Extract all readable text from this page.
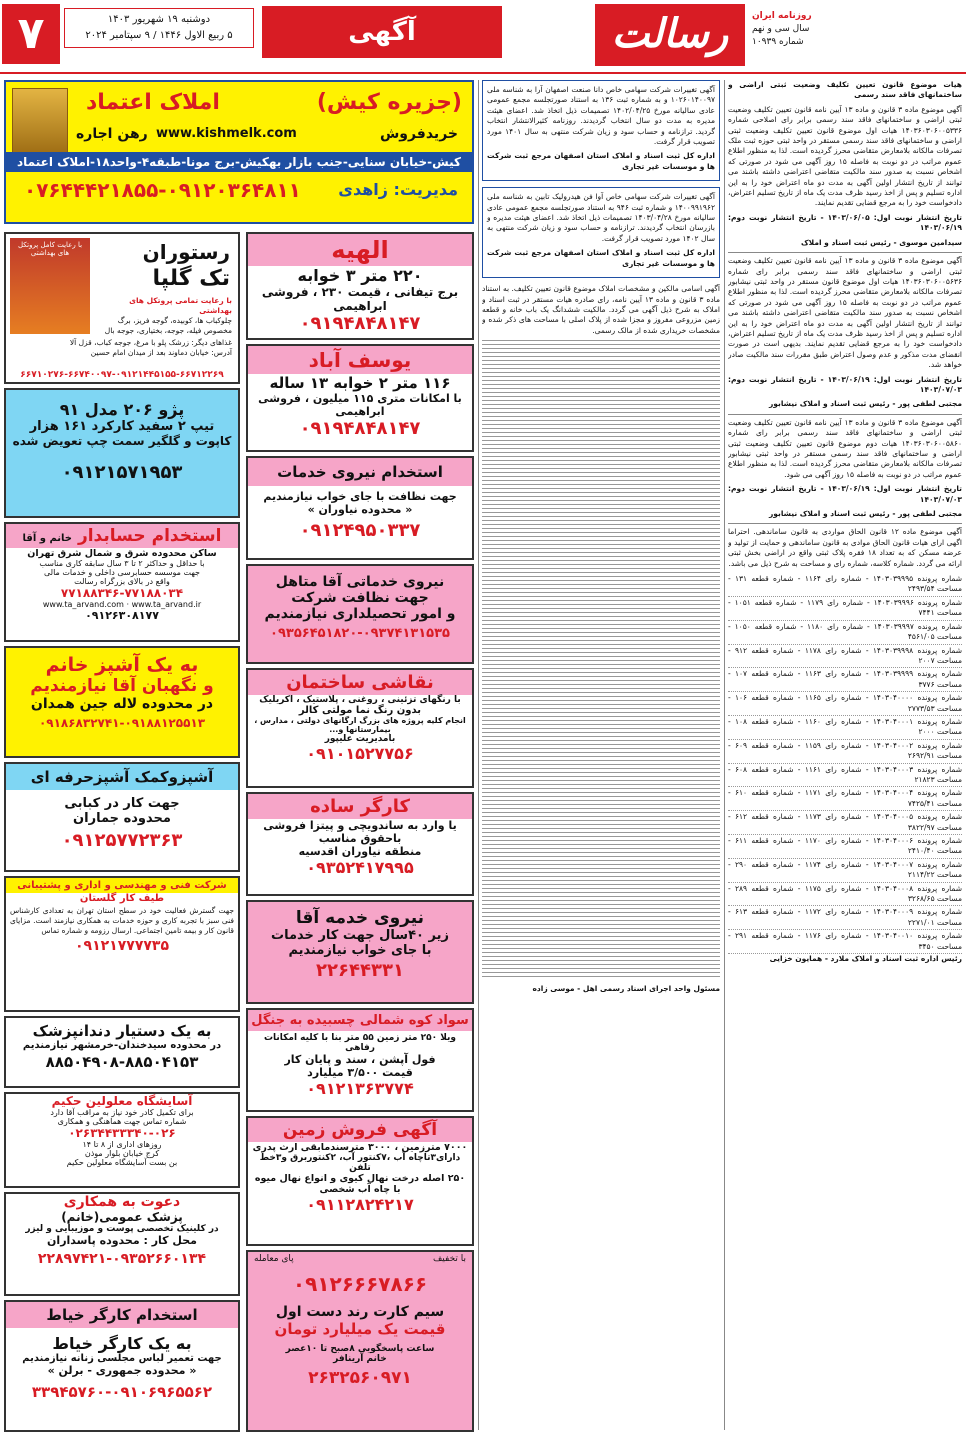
۷	دوشنبه ۱۹ شهریور ۱۴۰۳
۵ ربیع الاول ۱۴۴۶ / ۹ سپتامبر ۲۰۲۴	آگهی	رسالت	روزنامه ایران
سال سی و نهم
شماره ۱۰۹۳۹

هیات موضوع قانون تعیین تکلیف وضعیت ثبتی اراضی و ساختمانهای فاقد سند رسمی

آگهی موضوع ماده ۳ قانون و ماده ۱۳ آیین نامه قانون تعیین تکلیف وضعیت ثبتی اراضی و ساختمانهای فاقد سند رسمی برابر رای اصلاحی شماره ۱۴۰۳۶۰۳۰۶۰۰۵۳۳۶ هیات اول موضوع قانون تعیین تکلیف وضعیت ثبتی اراضی و ساختمانهای فاقد سند رسمی مستقر در واحد ثبتی حوزه ثبت ملک تصرفات مالکانه بلامعارض متقاضی محرز گردیده است. لذا به منظور اطلاع عموم مراتب در دو نوبت به فاصله ۱۵ روز آگهی می شود در صورتی که اشخاص نسبت به صدور سند مالکیت متقاضی اعتراضی داشته باشند می توانند از تاریخ انتشار اولین آگهی به مدت دو ماه اعتراض خود را به این اداره تسلیم و پس از اخذ رسید ظرف مدت یک ماه از تاریخ تسلیم اعتراض، دادخواست خود را به مرجع قضایی تقدیم نمایند.

تاریخ انتشار نوبت اول: ۱۴۰۳/۰۶/۰۵ - تاریخ انتشار نوبت دوم: ۱۴۰۳/۰۶/۱۹

سیدامین موسوی - رئیس ثبت اسناد و املاک

آگهی موضوع ماده ۳ قانون و ماده ۱۳ آیین نامه قانون تعیین تکلیف وضعیت ثبتی اراضی و ساختمانهای فاقد سند رسمی برابر رای شماره ۱۴۰۳۶۰۳۰۶۰۰۵۶۳۶ هیات اول موضوع قانون مستقر در واحد ثبتی نیشابور تصرفات مالکانه بلامعارض متقاضی محرز گردیده است. لذا به منظور اطلاع عموم مراتب در دو نوبت به فاصله ۱۵ روز آگهی می شود در صورتی که اشخاص نسبت به صدور سند مالکیت متقاضی اعتراضی داشته باشند می توانند از تاریخ انتشار اولین آگهی به مدت دو ماه اعتراض خود را به این اداره تسلیم و پس از اخذ رسید ظرف مدت یک ماه از تاریخ تسلیم اعتراض، دادخواست خود را به مرجع قضایی تقدیم نمایند. بدیهی است در صورت انقضای مدت مذکور و عدم وصول اعتراض طبق مقررات سند مالکیت صادر خواهد شد.

تاریخ انتشار نوبت اول: ۱۴۰۳/۰۶/۱۹ - تاریخ انتشار نوبت دوم: ۱۴۰۳/۰۷/۰۳

مجتبی لطفی پور - رئیس ثبت اسناد و املاک نیشابور

آگهی موضوع ماده ۳ قانون و ماده ۱۳ آیین نامه قانون تعیین تکلیف وضعیت ثبتی اراضی و ساختمانهای فاقد سند رسمی برابر رای شماره ۱۴۰۳۶۰۳۰۶۰۰۵۸۶۰ هیات دوم موضوع قانون تعیین تکلیف وضعیت ثبتی اراضی و ساختمانهای فاقد سند رسمی مستقر در واحد ثبتی نیشابور تصرفات مالکانه بلامعارض متقاضی محرز گردیده است. لذا به منظور اطلاع عموم مراتب در دو نوبت به فاصله ۱۵ روز آگهی می شود.

تاریخ انتشار نوبت اول: ۱۴۰۳/۰۶/۱۹ - تاریخ انتشار نوبت دوم: ۱۴۰۳/۰۷/۰۳

مجتبی لطفی پور - رئیس ثبت اسناد و املاک نیشابور

آگهی موضوع ماده ۱۲ قانون الحاق مواردی به قانون ساماندهی. احتراما اگهی ارای هیات قانون الحاق موادی به قانون ساماندهی و حمایت از تولید و عرضه مسکن که به تعداد ۱۸ فقره پلاک ثبتی واقع در اراضی بخش ثبتی ارائه می گردد. شماره کلاسه، شماره رای و مساحت به شرح ذیل می باشد.

شماره پرونده ۱۴۰۳۰۳۹۹۹۵ - شماره رای ۱۱۶۴ - شماره قطعه ۱۳۱ - مساحت ۲۴۹۳/۵۴
شماره پرونده ۱۴۰۳۰۳۹۹۹۶ - شماره رای ۱۱۷۹ - شماره قطعه ۱۰۵۱ - مساحت ۷۴۴۱
شماره پرونده ۱۴۰۳۰۳۹۹۹۷ - شماره رای ۱۱۸۰ - شماره قطعه ۱۰۵۰ - مساحت ۴۵۶۱/۰۵
شماره پرونده ۱۴۰۳۰۳۹۹۹۸ - شماره رای ۱۱۷۸ - شماره قطعه ۹۱۲ - مساحت ۲۰۰۷
شماره پرونده ۱۴۰۳۰۳۹۹۹۹ - شماره رای ۱۱۶۳ - شماره قطعه ۱۰۷ - مساحت ۳۷۷۶
شماره پرونده ۱۴۰۳۰۴۰۰۰۰ - شماره رای ۱۱۶۵ - شماره قطعه ۱۰۶ - مساحت ۲۷۷۳/۵۳
شماره پرونده ۱۴۰۳۰۴۰۰۰۱ - شماره رای ۱۱۶۰ - شماره قطعه ۱۰۸ - مساحت ۲۰۰۰
شماره پرونده ۱۴۰۳۰۴۰۰۰۲ - شماره رای ۱۱۵۹ - شماره قطعه ۶۰۹ - مساحت ۲۶۹۲/۹۱
شماره پرونده ۱۴۰۳۰۴۰۰۰۳ - شماره رای ۱۱۶۱ - شماره قطعه ۶۰۸ - مساحت ۲۱۸۲۳
شماره پرونده ۱۴۰۳۰۴۰۰۰۴ - شماره رای ۱۱۷۱ - شماره قطعه ۶۱۰ - مساحت ۷۴۲۵/۴۱
شماره پرونده ۱۴۰۳۰۴۰۰۰۵ - شماره رای ۱۱۷۳ - شماره قطعه ۶۱۲ - مساحت ۳۸۲۲/۹۷
شماره پرونده ۱۴۰۳۰۴۰۰۰۶ - شماره رای ۱۱۷۰ - شماره قطعه ۶۱۱ - مساحت ۲۴۱۰/۴۰
شماره پرونده ۱۴۰۳۰۴۰۰۰۷ - شماره رای ۱۱۷۴ - شماره قطعه ۲۹۰ - مساحت ۲۱۱۴/۲۲
شماره پرونده ۱۴۰۳۰۴۰۰۰۸ - شماره رای ۱۱۷۵ - شماره قطعه ۲۸۹ - مساحت ۳۲۶۸/۶۵
شماره پرونده ۱۴۰۳۰۴۰۰۰۹ - شماره رای ۱۱۷۲ - شماره قطعه ۶۱۳ - مساحت ۲۲۷۱/۰۱
شماره پرونده ۱۴۰۳۰۴۰۰۱۰ - شماره رای ۱۱۷۶ - شماره قطعه ۲۹۱ - مساحت ۳۴۵۰

رئیس اداره ثبت اسناد و املاک ملارد - همایون خزایی

آگهی تغییرات شرکت سهامی خاص دانا صنعت اصفهان آرا به شناسه ملی ۱۰۲۶۰۱۴۰۰۹۷ و به شماره ثبت ۱۳۶ به استناد صورتجلسه مجمع عمومی عادی سالیانه مورخ ۱۴۰۲/۰۴/۲۵ تصمیمات ذیل اتخاذ شد. اعضای هیئت مدیره به مدت دو سال انتخاب گردیدند. روزنامه کثیرالانتشار انتخاب گردید. ترازنامه و حساب سود و زیان شرکت منتهی به سال ۱۴۰۱ مورد تصویب قرار گرفت.

اداره کل ثبت اسناد و املاک استان اصفهان مرجع ثبت شرکت ها و موسسات غیر تجاری

آگهی تغییرات شرکت سهامی خاص آوا فن هیدرولیک تابین به شناسه ملی ۱۴۰۰۹۹۱۹۶۲ و شماره ثبت ۹۴۶ به استناد صورتجلسه مجمع عمومی عادی سالیانه مورخ ۱۴۰۳/۰۴/۲۸ تصمیمات ذیل اتخاذ شد. اعضای هیئت مدیره و بازرسان انتخاب گردیدند. ترازنامه و حساب سود و زیان شرکت منتهی به سال ۱۴۰۲ مورد تصویب قرار گرفت.

اداره کل ثبت اسناد و املاک استان اصفهان مرجع ثبت شرکت ها و موسسات غیر تجاری

آگهی اسامی مالکین و مشخصات املاک موضوع قانون تعیین تکلیف. به استناد ماده ۳ قانون و ماده ۱۳ آیین نامه، رای صادره هیات مستقر در ثبت اسناد و املاک به شرح ذیل آگهی می گردد. مالکیت ششدانگ یک باب خانه و قطعه زمین مزروعی مفروز و مجزا شده از پلاک اصلی با مساحت های ذکر شده و مشخصات خریداری شده از مالک رسمی.

مسئول واحد اجرای اسناد رسمی اهل - موسی زاده

(جزیره کیش)
املاک اعتماد
خریدفروش
رهن اجاره www.kishmelk.com
کیش-خیابان سنایی-جنب بازار بهکیش-برج مونا-طبقه۴-واحد۱۸-املاک اعتماد
مدیریت: زاهدی
۰۷۶۴۴۴۲۱۸۵۵-۰۹۱۲۰۳۶۴۸۱۱
الهیه
۲۲۰ متر ۳ خوابه
برج تیفانی ، قیمت ۲۳۰ ، فروشی
ابراهیمی
۰۹۱۹۴۸۴۸۱۴۷
یوسف آباد
۱۱۶ متر ۲ خوابه ۱۳ ساله
با امکانات متری ۱۱۵ میلیون ، فروشی
ابراهیمی
۰۹۱۹۴۸۴۸۱۴۷
استخدام نیروی خدمات
جهت نظافت با جای خواب نیازمندیم
« محدوده نیاوران »
۰۹۱۲۴۹۵۰۳۳۷
نیروی خدماتی آقا متاهل
جهت نظافت شرکت
و امور تحصیلداری نیازمندیم
۰۹۳۵۶۴۵۱۸۲۰-۰۹۳۷۴۱۳۱۵۳۵
نقاشی ساختمان
با رنگهای تزئینی ، روغنی ، پلاستیک ، اکریلیک
بدون رنگ نما مولتی کالر
انجام کلیه پروژه های بزرگ ارگانهای دولتی ، مدارس ، بیمارستانها و...
بامدیریت علیپور
۰۹۱۰۱۵۲۷۷۵۶
کارگر ساده
یا وارد به ساندویچی و پیتزا فروشی
باحقوق مناسب
منطقه نیاوران اقدسیه
۰۹۳۵۲۴۱۷۹۹۵
نیروی خدمه آقا
زیر ۴۰سال جهت کار خدمات
با جای خواب نیازمندیم
۲۲۶۴۴۳۳۱
سواد کوه شمالی چسبیده به جنگل
ویلا ۲۵۰ متر زمین ۵۵ متر بنا با کلیه امکانات رفاهی
فول آپشن ، سند و پایان کار
قیمت ۳/۵۰۰ میلیارد
۰۹۱۲۱۳۶۳۷۷۴
آگهی فروش زمین
۷۰۰۰ مترزمین ، ۳۰۰۰ مترسندمابقی ارث پدری
دارای۳تاچاه آب ،۷کنتور آب، ۲کنتوربرق و۳خط تلفن
۲۵۰ اصله درخت نهال کیوی و انواع نهال میوه
با چاه آب شخصی
۰۹۱۱۲۸۲۴۲۱۷
با تخفیف
پای معامله
۰۹۱۲۶۶۶۷۸۶۶
سیم کارت رند دست اول
قیمت یک میلیارد تومان
ساعت پاسخگویی ۸صبح تا ۱۰عصر
خانم آرینافر
۲۶۳۲۵۶۰۹۷۱
با رعایت کامل پروتکل های بهداشتی	رستوران
تک گلپا
با رعایت تمامی پروتکل های بهداشتی
چلوکباب ها، کوبیده، گوجه فریز، برگ مخصوص فیله، جوجه، بختیاری، جوجه بال
غذاهای دیگر: زرشک پلو با مرغ، جوجه کباب، قزل آلا
آدرس: خیابان دماوند بعد از میدان امام حسین
۶۶۷۱۰۲۷۶-۶۶۷۴۰۰۹۷-۰۹۱۲۱۴۴۵۱۵۵-۶۶۷۱۲۲۶۹
پژو ۲۰۶ مدل ۹۱
تیپ ۲ سفید کارکرد ۱۶۱ هزار
کاپوت و گلگیر سمت چپ تعویض شده
۰۹۱۲۱۵۷۱۹۵۳
استخدام حسابدار خانم و آقا
ساکن محدوده شرق و شمال شرق تهران
با حداقل و حداکثر ۲ تا ۳ سال سابقه کاری مناسب
جهت موسسه حسابرسی داخلی و خدمات مالی
واقع در بالای بزرگراه رسالت
۷۷۱۸۸۳۴۶-۷۷۱۸۸۰۳۴
www.ta_arvand.com · www.ta_arvand.ir
۰۹۱۲۶۳۰۸۱۷۷
به یک آشپز خانم
و نگهبان آقا نیازمندیم
در محدوده لاله جین همدان
۰۹۱۸۶۸۳۲۷۴۱-۰۹۱۸۸۱۲۵۵۱۳
آشپزوکمک آشپزحرفه ای
جهت کار در کبابی
محدوده جماران
۰۹۱۲۵۷۷۲۳۶۳
شرکت فنی و مهندسی و اداری و پشتیبانی
طیف کار گلستان
جهت گسترش فعالیت خود در سطح استان تهران به تعدادی کارشناس فنی سبز با تجربه کاری و حوزه خدمات به همکاری نیازمند است. مزایای قانون کار و بیمه تامین اجتماعی. ارسال رزومه و شماره تماس
۰۹۱۲۱۷۷۷۷۳۵
به یک دستیار دندانپزشک
در محدوده سیدخندان-خرمشهر نیازمندیم
۸۸۵۰۴۹۰۸-۸۸۵۰۴۱۵۳
آسایشگاه معلولین حکیم
برای تکمیل کادر خود نیاز به مراقب آقا دارد
شماره تماس جهت هماهنگی و همکاری
۰۲۶۳۴۴۳۳۳۴۰-۰۲۶
روزهای اداری از ۸ تا ۱۴
کرج خیابان بلوار موذن
بن بست آسایشگاه معلولین حکیم
دعوت به همکاری
پزشک عمومی(خانم)
در کلینیک تخصصی پوست و موزیبایی و لیزر
محل کار : محدوده پاسداران
۲۲۸۹۷۴۲۱-۰۹۳۵۲۶۶۰۱۳۴
استخدام کارگر خیاط
به یک کارگر خیاط
جهت تعمیر لباس مجلسی زنانه نیازمندیم
« محدوده جمهوری - برلن »
۳۳۹۴۵۷۶۰-۰۹۱۰۶۹۶۵۵۶۲
